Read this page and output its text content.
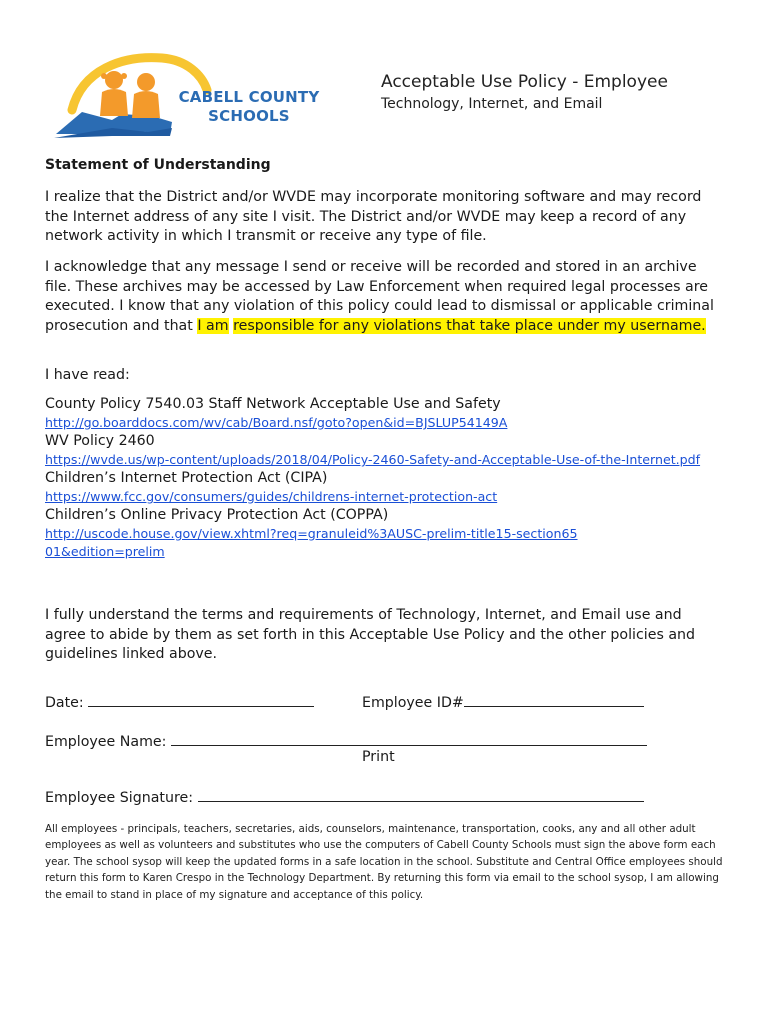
CABELL COUNTY
SCHOOLS
Acceptable Use Policy - Employee
Technology, Internet, and Email
Statement of Understanding
I realize that the District and/or WVDE may incorporate monitoring software and may record the Internet address of any site I visit. The District and/or WVDE may keep a record of any network activity in which I transmit or receive any type of file.
I acknowledge that any message I send or receive will be recorded and stored in an archive file. These archives may be accessed by Law Enforcement when required legal processes are executed. I know that any violation of this policy could lead to dismissal or applicable criminal prosecution and that I am responsible for any violations that take place under my username.
I have read:
County Policy 7540.03 Staff Network Acceptable Use and Safety
http://go.boarddocs.com/wv/cab/Board.nsf/goto?open&id=BJSLUP54149A
WV Policy 2460
https://wvde.us/wp-content/uploads/2018/04/Policy-2460-Safety-and-Acceptable-Use-of-the-Internet.pdf
Children’s Internet Protection Act (CIPA)
https://www.fcc.gov/consumers/guides/childrens-internet-protection-act
Children’s Online Privacy Protection Act (COPPA)
http://uscode.house.gov/view.xhtml?req=granuleid%3AUSC-prelim-title15-section6501&edition=prelim
I fully understand the terms and requirements of Technology, Internet, and Email use and agree to abide by them as set forth in this Acceptable Use Policy and the other policies and guidelines linked above.
Date:	Employee ID#
Employee Name:
Print
Employee Signature:
All employees - principals, teachers, secretaries, aids, counselors, maintenance, transportation, cooks, any and all other adult employees as well as volunteers and substitutes who use the computers of Cabell County Schools must sign the above form each year. The school sysop will keep the updated forms in a safe location in the school. Substitute and Central Office employees should return this form to Karen Crespo in the Technology Department. By returning this form via email to the school sysop, I am allowing the email to stand in place of my signature and acceptance of this policy.
